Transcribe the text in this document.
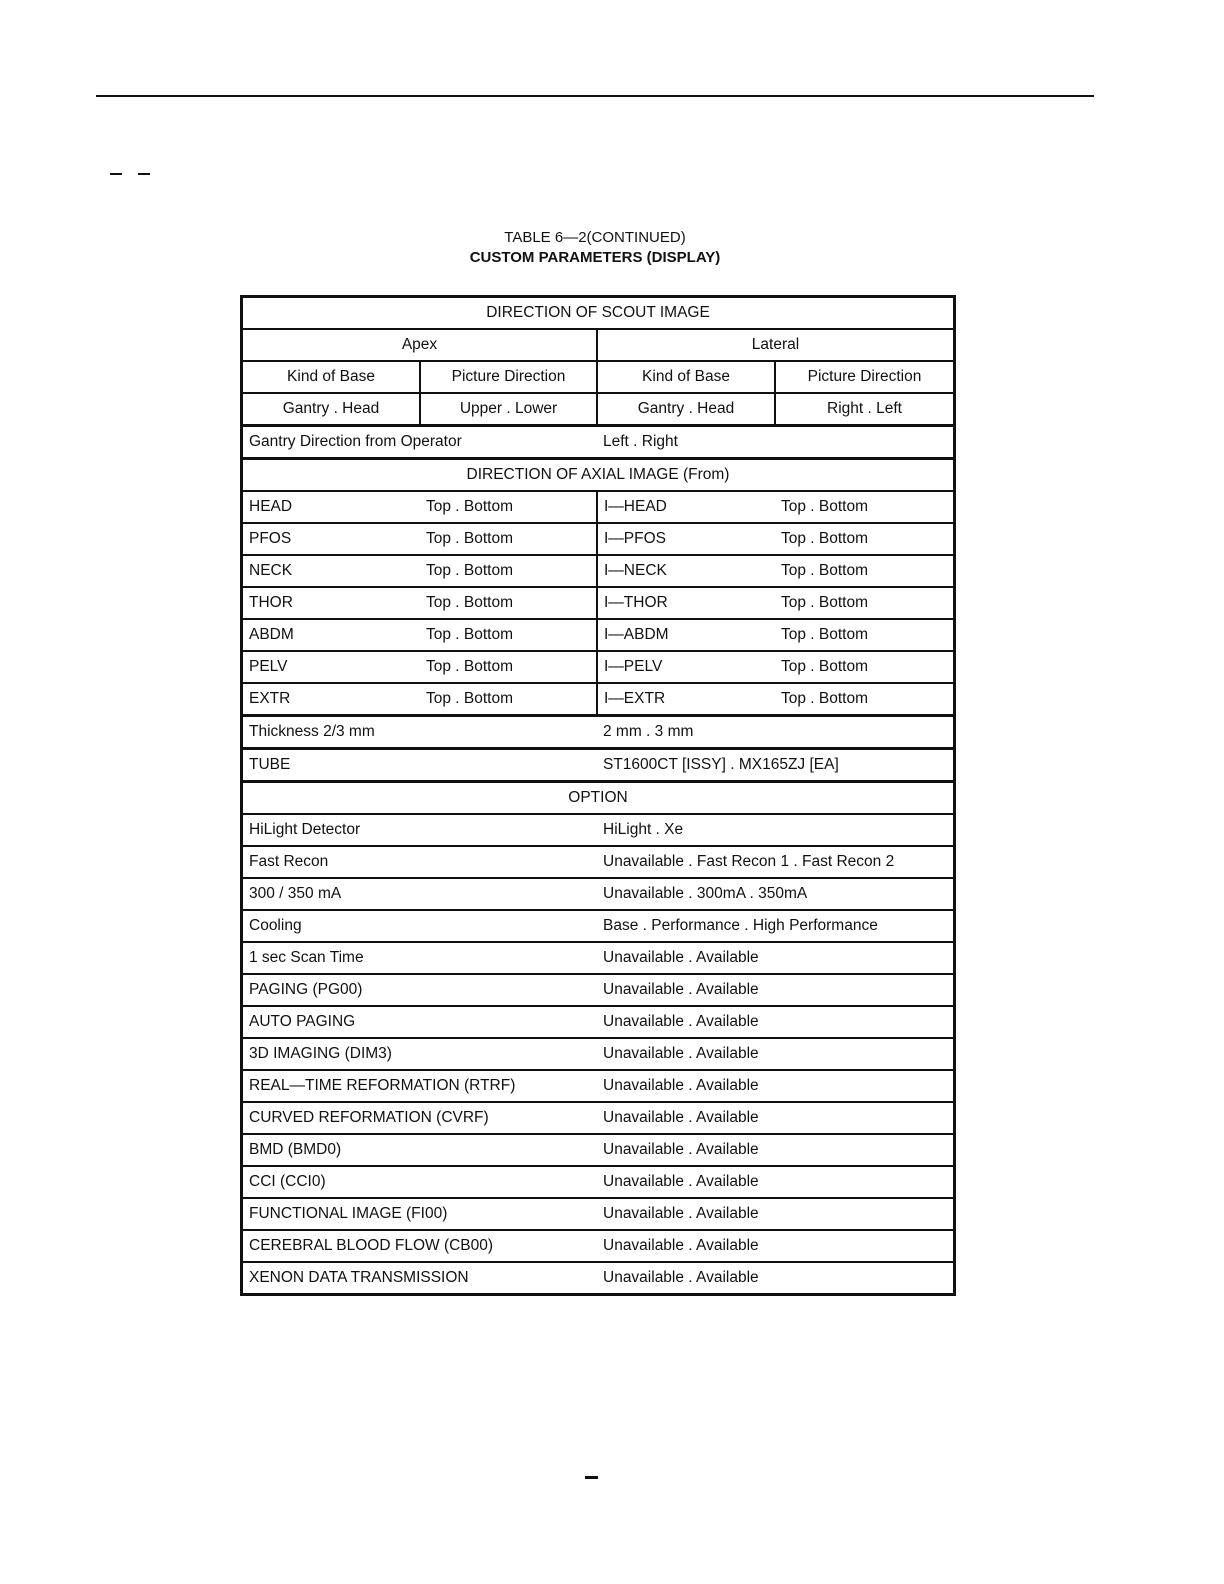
TABLE 6—2(CONTINUED)
CUSTOM PARAMETERS (DISPLAY)
DIRECTION OF SCOUT IMAGE			
Apex		Lateral	
Kind of Base	Picture Direction	Kind of Base	Picture Direction
Gantry . Head	Upper . Lower	Gantry . Head	Right . Left
Gantry Direction from Operator		Left . Right	
DIRECTION OF AXIAL IMAGE (From)			
HEAD	Top . Bottom	I—HEAD	Top . Bottom
PFOS	Top . Bottom	I—PFOS	Top . Bottom
NECK	Top . Bottom	I—NECK	Top . Bottom
THOR	Top . Bottom	I—THOR	Top . Bottom
ABDM	Top . Bottom	I—ABDM	Top . Bottom
PELV	Top . Bottom	I—PELV	Top . Bottom
EXTR	Top . Bottom	I—EXTR	Top . Bottom
Thickness 2/3 mm		2 mm . 3 mm	
TUBE		ST1600CT [ISSY] . MX165ZJ [EA]	
OPTION			
HiLight Detector		HiLight . Xe	
Fast Recon		Unavailable . Fast Recon 1 . Fast Recon 2	
300 / 350 mA		Unavailable . 300mA . 350mA	
Cooling		Base . Performance . High Performance	
1 sec Scan Time		Unavailable . Available	
PAGING (PG00)		Unavailable . Available	
AUTO PAGING		Unavailable . Available	
3D IMAGING (DIM3)		Unavailable . Available	
REAL—TIME REFORMATION (RTRF)		Unavailable . Available	
CURVED REFORMATION (CVRF)		Unavailable . Available	
BMD (BMD0)		Unavailable . Available	
CCI (CCI0)		Unavailable . Available	
FUNCTIONAL IMAGE (FI00)		Unavailable . Available	
CEREBRAL BLOOD FLOW (CB00)		Unavailable . Available	
XENON DATA TRANSMISSION		Unavailable . Available	
